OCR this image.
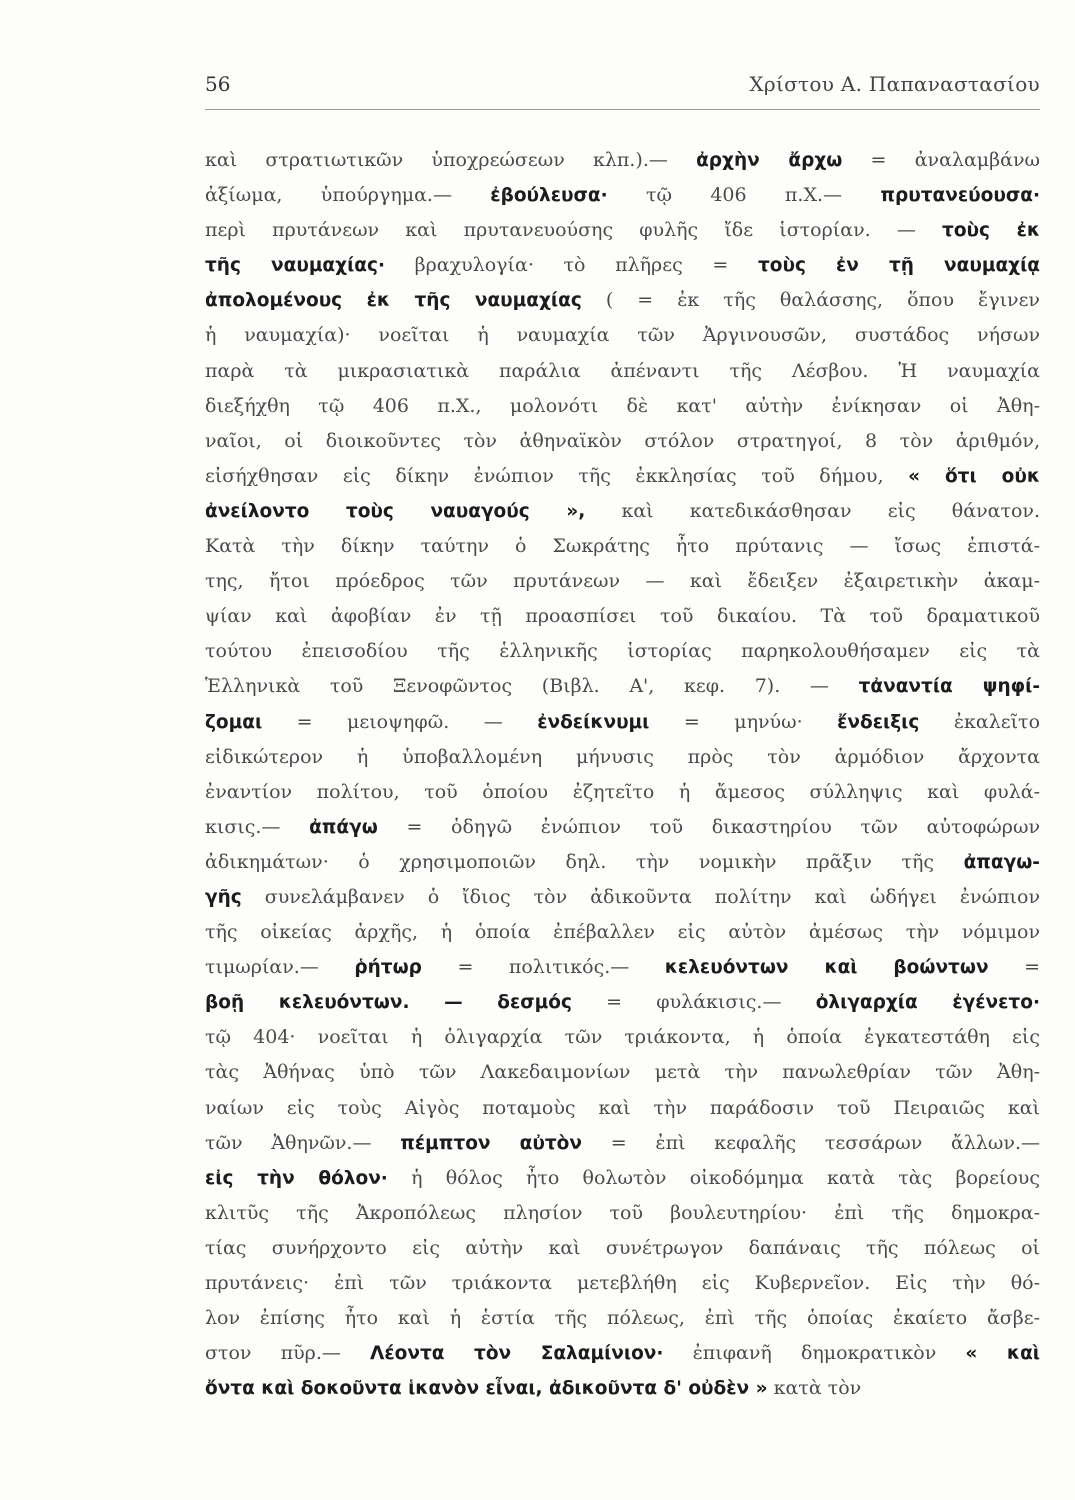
56	Χρίστου Α. Παπαναστασίου
καὶ στρατιωτικῶν ὑποχρεώσεων κλπ.).— ἀρχὴν ἄρχω = ἀναλαμβάνω
ἀξίωμα, ὑπούργημα.— ἐβούλευσα· τῷ 406 π.Χ.— πρυτανεύουσα·
περὶ πρυτάνεων καὶ πρυτανευούσης φυλῆς ἴδε ἱστορίαν. — τοὺς ἐκ
τῆς ναυμαχίας· βραχυλογία· τὸ πλῆρες = τοὺς ἐν τῇ ναυμαχίᾳ
ἀπολομένους ἐκ τῆς ναυμαχίας ( = ἐκ τῆς θαλάσσης, ὅπου ἔγινεν
ἡ ναυμαχία)· νοεῖται ἡ ναυμαχία τῶν Ἀργινουσῶν, συστάδος νήσων
παρὰ τὰ μικρασιατικὰ παράλια ἀπέναντι τῆς Λέσβου. Ἡ ναυμαχία
διεξήχθη τῷ 406 π.Χ., μολονότι δὲ κατ' αὐτὴν ἐνίκησαν οἱ Ἀθη-
ναῖοι, οἱ διοικοῦντες τὸν ἀθηναϊκὸν στόλον στρατηγοί, 8 τὸν ἀριθμόν,
εἰσήχθησαν εἰς δίκην ἐνώπιον τῆς ἐκκλησίας τοῦ δήμου, « ὅτι οὐκ
ἀνείλοντο τοὺς ναυαγούς », καὶ κατεδικάσθησαν εἰς θάνατον.
Κατὰ τὴν δίκην ταύτην ὁ Σωκράτης ἦτο πρύτανις — ἴσως ἐπιστά-
της, ἤτοι πρόεδρος τῶν πρυτάνεων — καὶ ἔδειξεν ἐξαιρετικὴν ἀκαμ-
ψίαν καὶ ἀφοβίαν ἐν τῇ προασπίσει τοῦ δικαίου. Τὰ τοῦ δραματικοῦ
τούτου ἐπεισοδίου τῆς ἑλληνικῆς ἱστορίας παρηκολουθήσαμεν εἰς τὰ
Ἑλληνικὰ τοῦ Ξενοφῶντος (Βιβλ. Α', κεφ. 7). — τἀναντία ψηφί-
ζομαι = μειοψηφῶ. — ἐνδείκνυμι = μηνύω· ἔνδειξις ἐκαλεῖτο
εἰδικώτερον ἡ ὑποβαλλομένη μήνυσις πρὸς τὸν ἁρμόδιον ἄρχοντα
ἐναντίον πολίτου, τοῦ ὁποίου ἐζητεῖτο ἡ ἄμεσος σύλληψις καὶ φυλά-
κισις.— ἀπάγω = ὁδηγῶ ἐνώπιον τοῦ δικαστηρίου τῶν αὐτοφώρων
ἀδικημάτων· ὁ χρησιμοποιῶν δηλ. τὴν νομικὴν πρᾶξιν τῆς ἀπαγω-
γῆς συνελάμβανεν ὁ ἴδιος τὸν ἀδικοῦντα πολίτην καὶ ὡδήγει ἐνώπιον
τῆς οἰκείας ἀρχῆς, ἡ ὁποία ἐπέβαλλεν εἰς αὐτὸν ἀμέσως τὴν νόμιμον
τιμωρίαν.— ῥήτωρ = πολιτικός.— κελευόντων καὶ βοώντων =
βοῇ κελευόντων. — δεσμός = φυλάκισις.— ὀλιγαρχία ἐγένετο·
τῷ 404· νοεῖται ἡ ὀλιγαρχία τῶν τριάκοντα, ἡ ὁποία ἐγκατεστάθη εἰς
τὰς Ἀθήνας ὑπὸ τῶν Λακεδαιμονίων μετὰ τὴν πανωλεθρίαν τῶν Ἀθη-
ναίων εἰς τοὺς Αἰγὸς ποταμοὺς καὶ τὴν παράδοσιν τοῦ Πειραιῶς καὶ
τῶν Ἀθηνῶν.— πέμπτον αὐτὸν = ἐπὶ κεφαλῆς τεσσάρων ἄλλων.—
εἰς τὴν θόλον· ἡ θόλος ἦτο θολωτὸν οἰκοδόμημα κατὰ τὰς βορείους
κλιτῦς τῆς Ἀκροπόλεως πλησίον τοῦ βουλευτηρίου· ἐπὶ τῆς δημοκρα-
τίας συνήρχοντο εἰς αὐτὴν καὶ συνέτρωγον δαπάναις τῆς πόλεως οἱ
πρυτάνεις· ἐπὶ τῶν τριάκοντα μετεβλήθη εἰς Κυβερνεῖον. Εἰς τὴν θό-
λον ἐπίσης ἦτο καὶ ἡ ἑστία τῆς πόλεως, ἐπὶ τῆς ὁποίας ἐκαίετο ἄσβε-
στον πῦρ.— Λέοντα τὸν Σαλαμίνιον· ἐπιφανῆ δημοκρατικὸν « καὶ
ὄντα καὶ δοκοῦντα ἱκανὸν εἶναι, ἀδικοῦντα δ' οὐδὲν » κατὰ τὸν
